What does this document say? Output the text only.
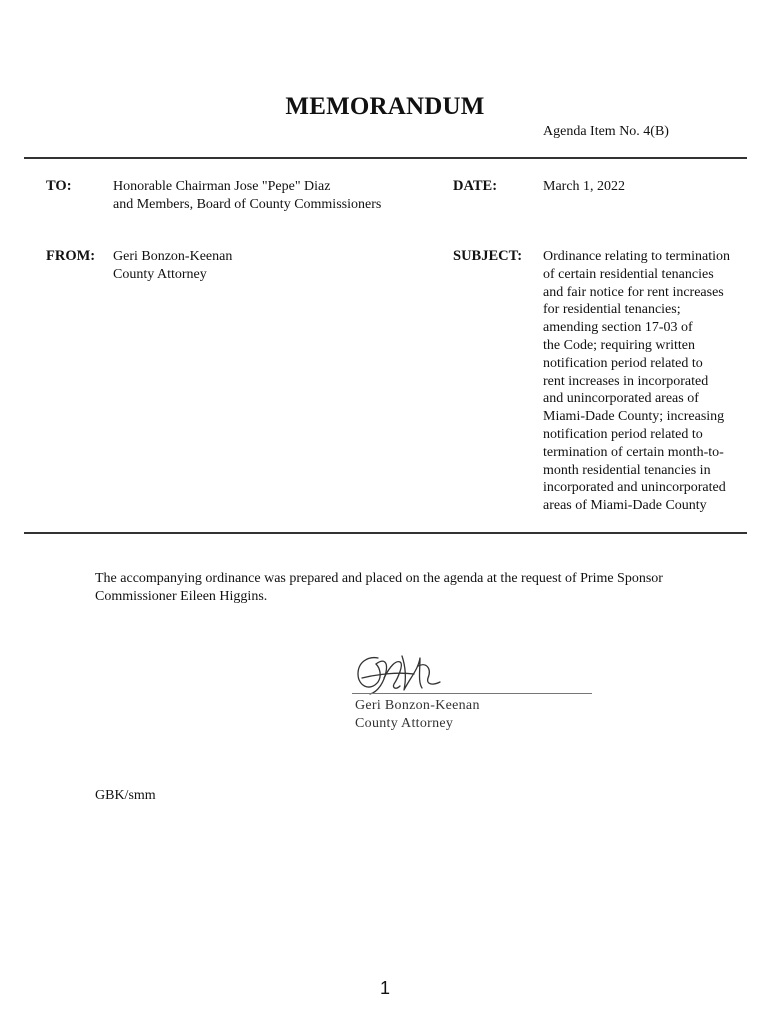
MEMORANDUM
Agenda Item No. 4(B)
TO:	Honorable Chairman Jose "Pepe" Diaz
and Members, Board of County Commissioners
DATE:	March 1, 2022
FROM: Geri Bonzon-Keenan
County Attorney
SUBJECT: Ordinance relating to termination
of certain residential tenancies
and fair notice for rent increases
for residential tenancies;
amending section 17-03 of
the Code; requiring written
notification period related to
rent increases in incorporated
and unincorporated areas of
Miami-Dade County; increasing
notification period related to
termination of certain month-to-
month residential tenancies in
incorporated and unincorporated
areas of Miami-Dade County
The accompanying ordinance was prepared and placed on the agenda at the request of Prime Sponsor
Commissioner Eileen Higgins.
Geri Bonzon-Keenan
County Attorney
GBK/smm
1
